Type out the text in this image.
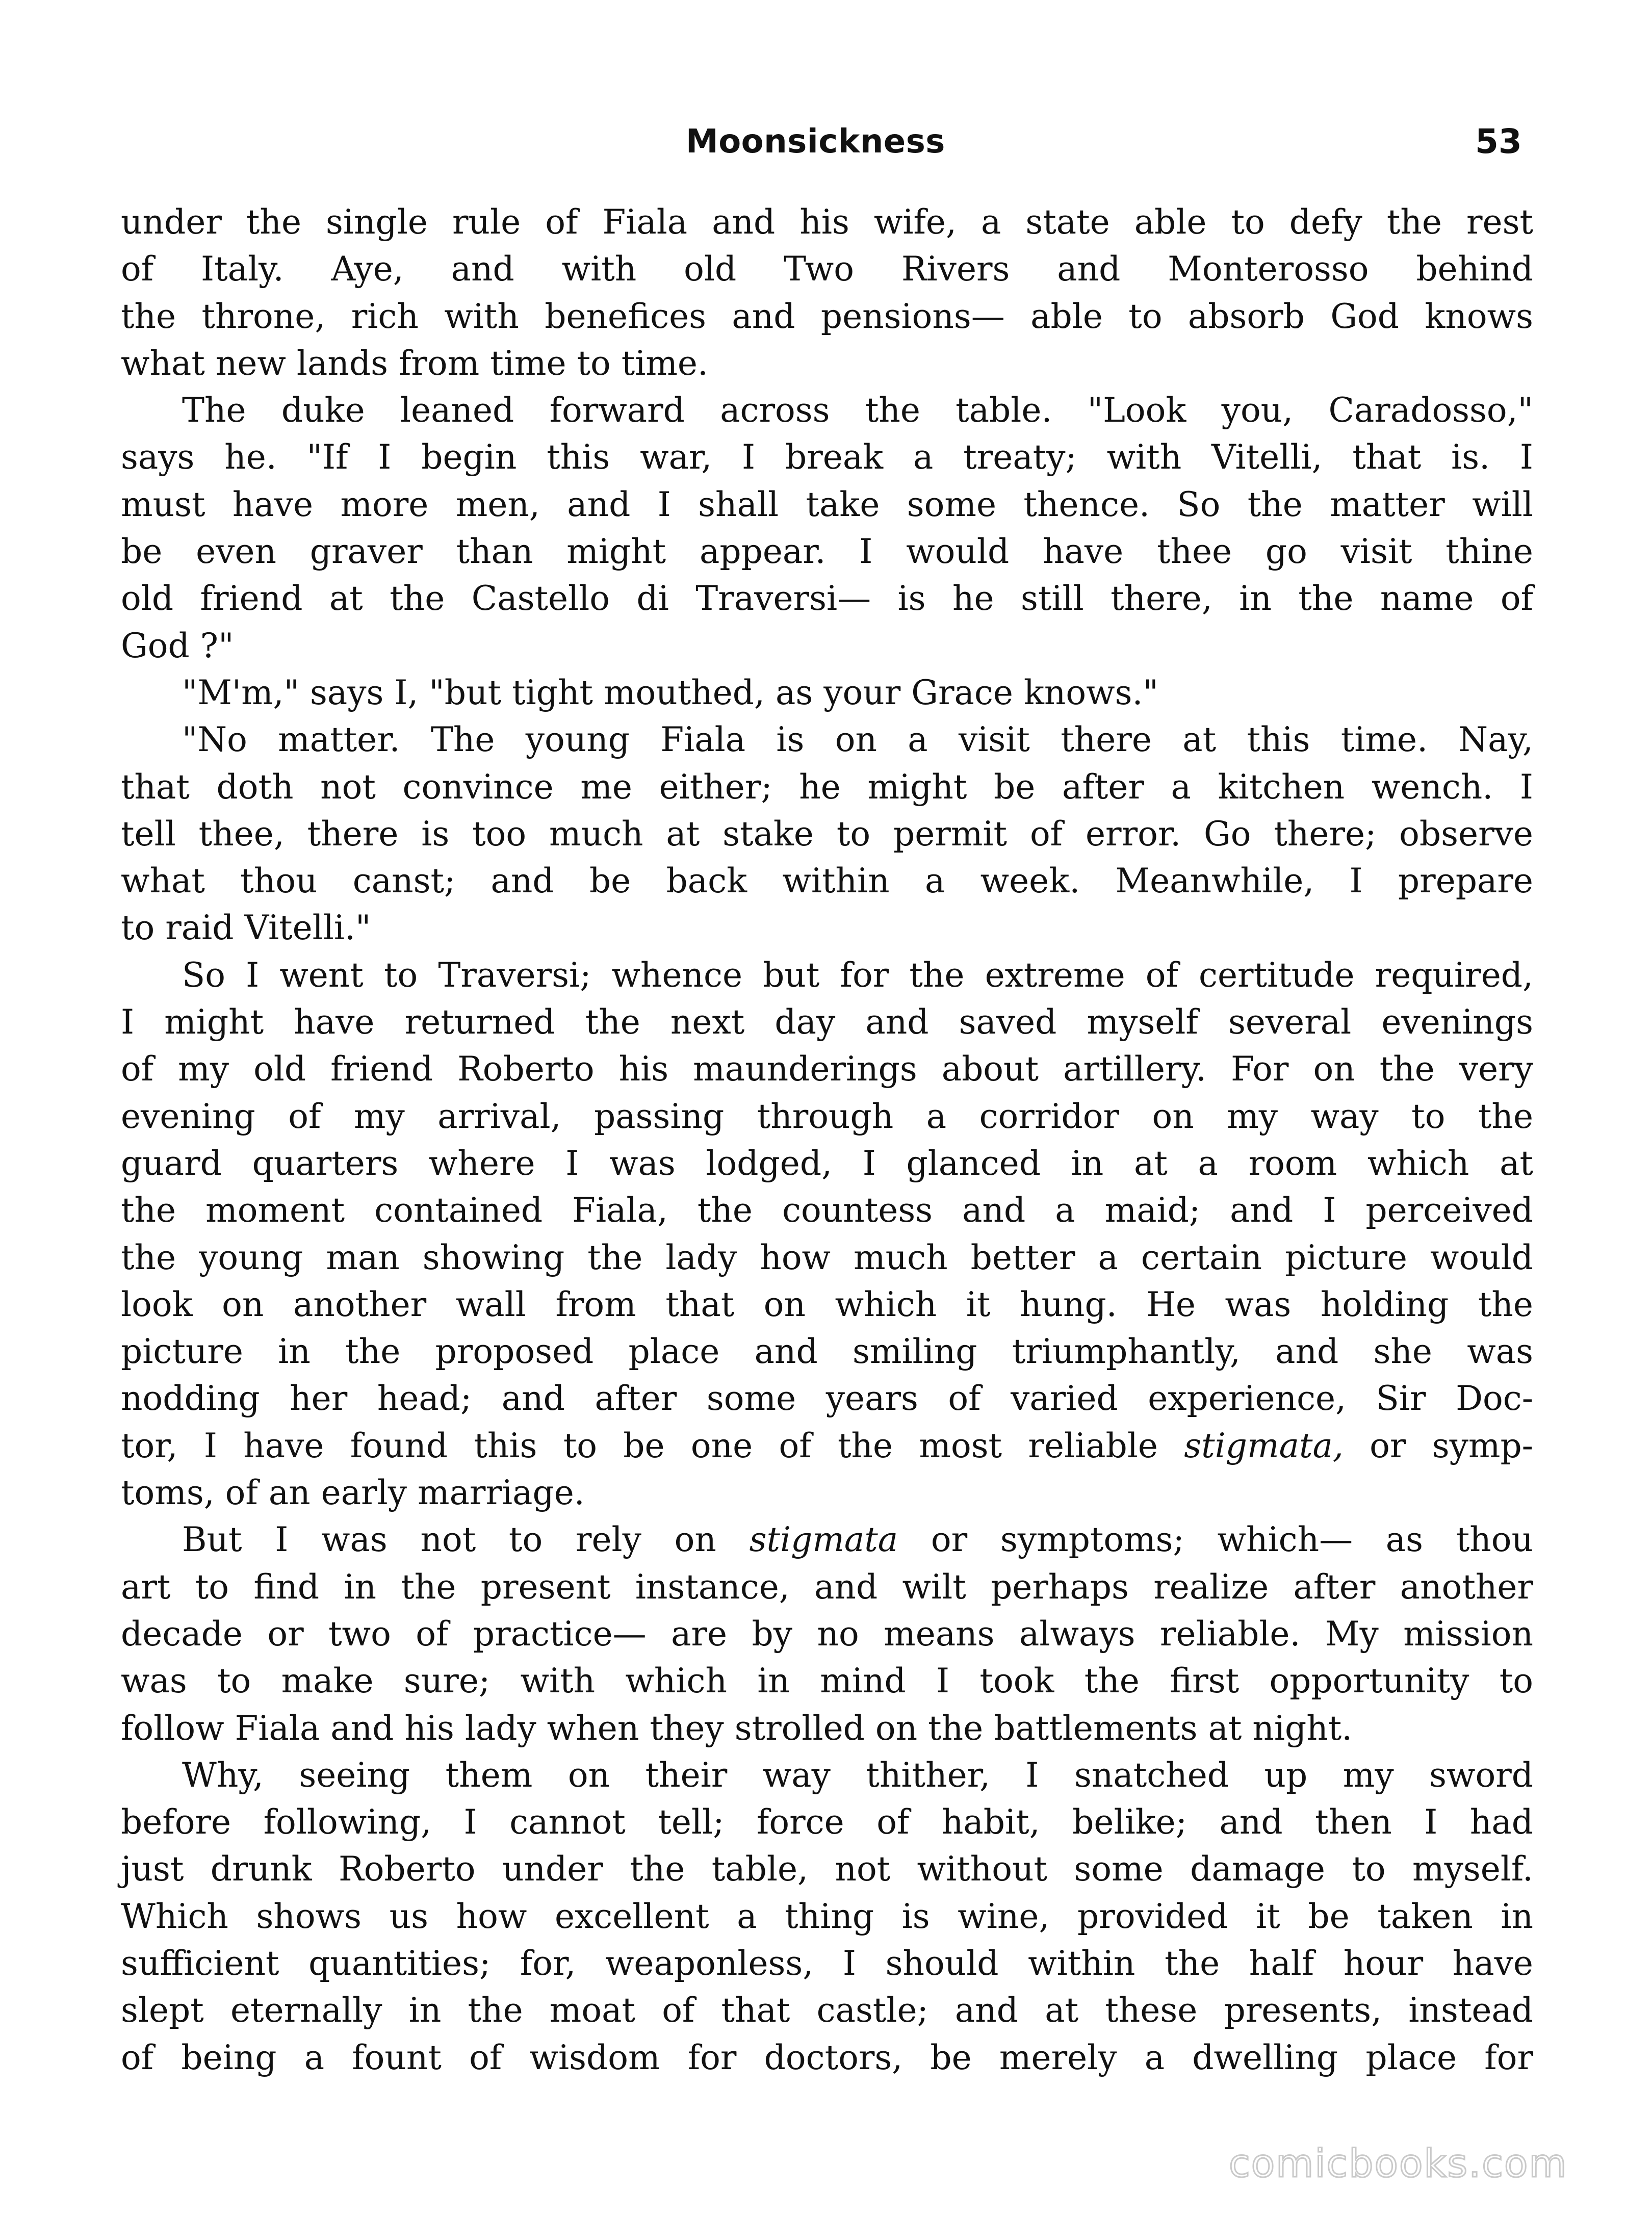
Moonsickness	53
under the single rule of Fiala and his wife, a state able to defy the rest
of Italy. Aye, and with old Two Rivers and Monterosso behind
the throne, rich with benefices and pensions— able to absorb God knows
what new lands from time to time.
The duke leaned forward across the table. "Look you, Caradosso,"
says he. "If I begin this war, I break a treaty; with Vitelli, that is. I
must have more men, and I shall take some thence. So the matter will
be even graver than might appear. I would have thee go visit thine
old friend at the Castello di Traversi— is he still there, in the name of
God ?"
"M'm," says I, "but tight mouthed, as your Grace knows."
"No matter. The young Fiala is on a visit there at this time. Nay,
that doth not convince me either; he might be after a kitchen wench. I
tell thee, there is too much at stake to permit of error. Go there; observe
what thou canst; and be back within a week. Meanwhile, I prepare
to raid Vitelli."
So I went to Traversi; whence but for the extreme of certitude required,
I might have returned the next day and saved myself several evenings
of my old friend Roberto his maunderings about artillery. For on the very
evening of my arrival, passing through a corridor on my way to the
guard quarters where I was lodged, I glanced in at a room which at
the moment contained Fiala, the countess and a maid; and I perceived
the young man showing the lady how much better a certain picture would
look on another wall from that on which it hung. He was holding the
picture in the proposed place and smiling triumphantly, and she was
nodding her head; and after some years of varied experience, Sir Doc-
tor, I have found this to be one of the most reliable stigmata, or symp-
toms, of an early marriage.
But I was not to rely on stigmata or symptoms; which— as thou
art to find in the present instance, and wilt perhaps realize after another
decade or two of practice— are by no means always reliable. My mission
was to make sure; with which in mind I took the first opportunity to
follow Fiala and his lady when they strolled on the battlements at night.
Why, seeing them on their way thither, I snatched up my sword
before following, I cannot tell; force of habit, belike; and then I had
just drunk Roberto under the table, not without some damage to myself.
Which shows us how excellent a thing is wine, provided it be taken in
sufficient quantities; for, weaponless, I should within the half hour have
slept eternally in the moat of that castle; and at these presents, instead
of being a fount of wisdom for doctors, be merely a dwelling place for
comicbooks.com
